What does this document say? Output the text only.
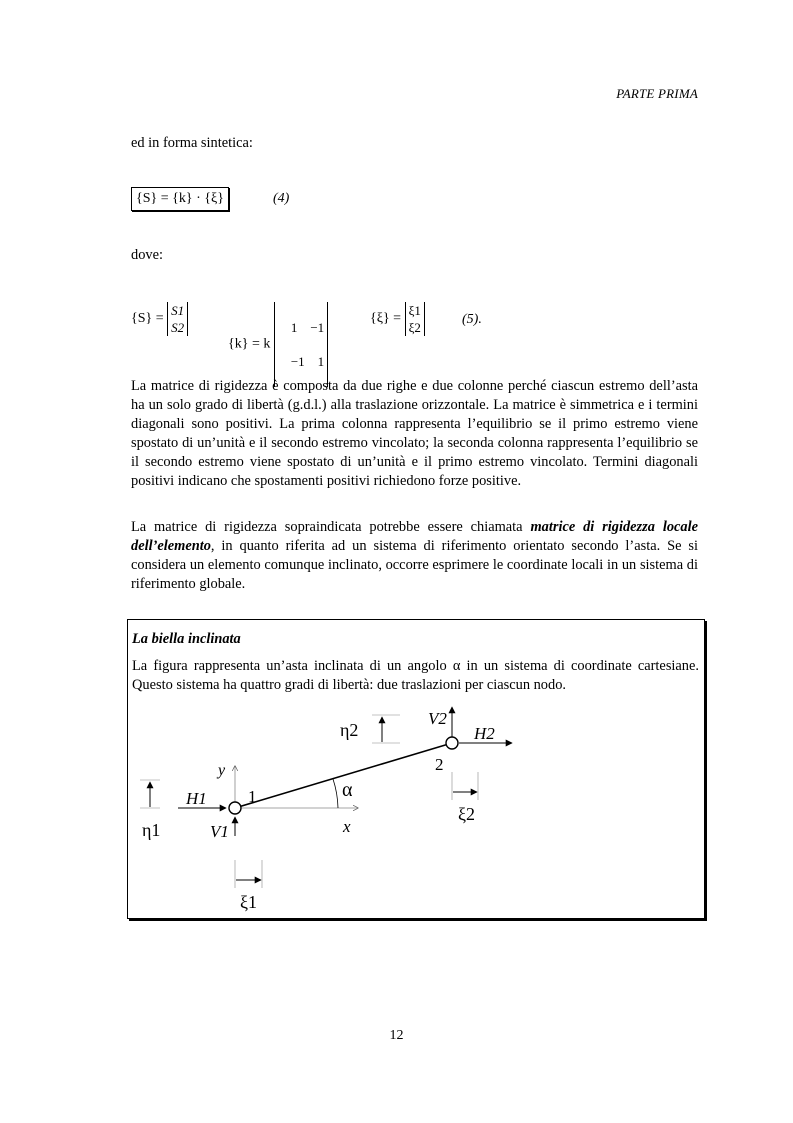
PARTE PRIMA
ed in forma sintetica:
{S} = {k} · {ξ}	(4)
dove:
{S} = S1
S2
{k} = k
1    −1

−1    1

{ξ} = ξ1
ξ2
(5).
La matrice di rigidezza è composta da due righe e due colonne perché ciascun estremo dell’asta ha un solo grado di libertà (g.d.l.) alla traslazione orizzontale. La matrice è simmetrica e i termini diagonali sono positivi. La prima colonna rappresenta l’equilibrio se il primo estremo viene spostato di un’unità e il secondo estremo vincolato; la seconda colonna rappresenta l’equilibrio se il secondo estremo viene spostato di un’unità e il primo estremo vincolato. Termini diagonali positivi indicano che spostamenti positivi richiedono forze positive.
La matrice di rigidezza sopraindicata potrebbe essere chiamata matrice di rigidezza locale dell’elemento, in quanto riferita ad un sistema di riferimento orientato secondo l’asta. Se si considera un elemento comunque inclinato, occorre esprimere le coordinate locali in un sistema di riferimento globale.
La biella inclinata
La figura rappresenta un’asta inclinata di un angolo α in un sistema di coordinate cartesiane. Questo sistema ha quattro gradi di libertà: due traslazioni per ciascun nodo.
η2
V2
H2
2
y
H1 1	α
η1	V1	x
ξ2
ξ1
12
